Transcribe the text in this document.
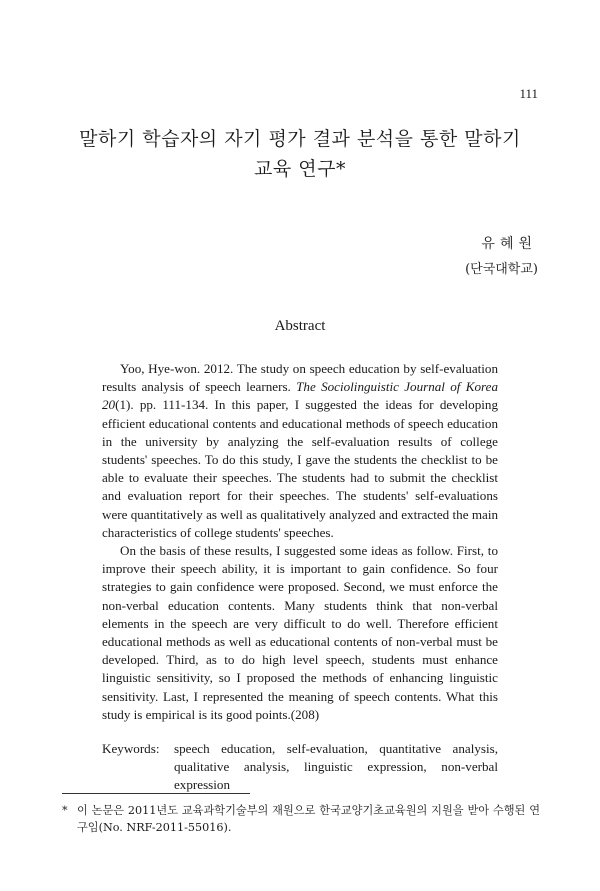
111
말하기 학습자의 자기 평가 결과 분석을 통한 말하기
교육 연구*
유혜원
(단국대학교)
Abstract

Yoo, Hye-won. 2012. The study on speech education by self-evaluation results analysis of speech learners. The Sociolinguistic Journal of Korea 20(1). pp. 111-134. In this paper, I suggested the ideas for developing efficient educational contents and educational methods of speech education in the university by analyzing the self-evaluation results of college students' speeches. To do this study, I gave the students the checklist to be able to evaluate their speeches. The students had to submit the checklist and evaluation report for their speeches. The students' self-evaluations were quantitatively as well as qualitatively analyzed and extracted the main characteristics of college students' speeches.

On the basis of these results, I suggested some ideas as follow. First, to improve their speech ability, it is important to gain confidence. So four strategies to gain confidence were proposed. Second, we must enforce the non-verbal education contents. Many students think that non-verbal elements in the speech are very difficult to do well. Therefore efficient educational methods as well as educational contents of non-verbal must be developed. Third, as to do high level speech, students must enhance linguistic sensitivity, so I proposed the methods of enhancing linguistic sensitivity. Last, I represented the meaning of speech contents. What this study is empirical is its good points.(208)

Keywords:	speech education, self-evaluation, quantitative analysis, qualitative analysis, linguistic expression, non-verbal expression
* 이 논문은 2011년도 교육과학기술부의 재원으로 한국교양기초교육원의 지원을 받아 수행된 연구임(No. NRF-2011-55016).
